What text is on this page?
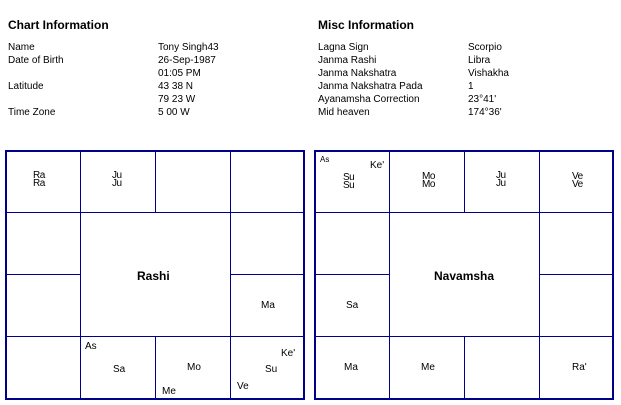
Chart Information
Name	Tony Singh43
Date of Birth	26-Sep-1987
01:05 PM
Latitude	43 38 N
79 23 W
Time Zone	5 00 W
Misc Information
Lagna Sign	Scorpio
Janma Rashi	Libra
Janma Nakshatra	Vishakha
Janma Nakshatra Pada	1
Ayanamsha Correction	23°41'
Mid heaven	174°36'
Ra
Ra
Ju
Ju
Ma
As
Sa	Mo
Me
Ke'
Su
Ve
Rashi
As
Ke'
Su
Su
Mo
Mo
Ju
Ju
Ve
Ve
Sa
Ma	Me	Ra'
Navamsha
